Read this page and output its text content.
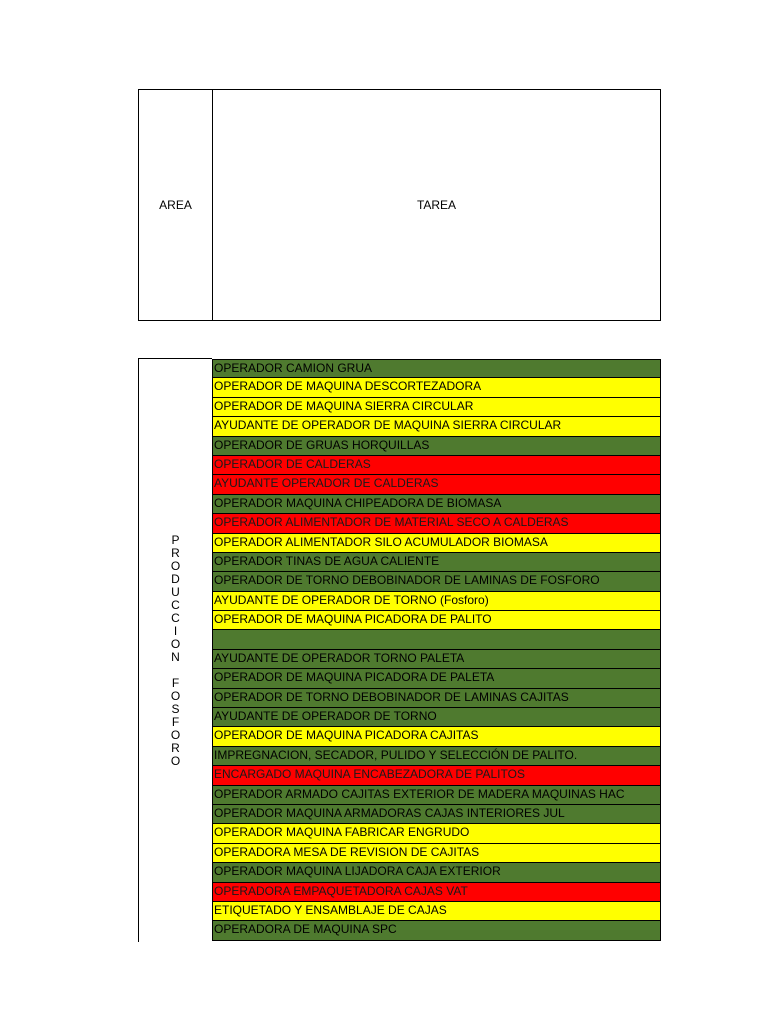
AREA	TAREA
P
R
O
D
U
C
C
I
O
N

F
O
S
F
O
R
O
OPERADOR CAMION GRUA
OPERADOR DE MAQUINA DESCORTEZADORA
OPERADOR DE MAQUINA SIERRA CIRCULAR
AYUDANTE DE OPERADOR DE MAQUINA SIERRA CIRCULAR
OPERADOR DE GRUAS HORQUILLAS
OPERADOR DE CALDERAS
AYUDANTE OPERADOR DE CALDERAS
OPERADOR MAQUINA CHIPEADORA DE BIOMASA
OPERADOR ALIMENTADOR DE MATERIAL SECO A CALDERAS
OPERADOR ALIMENTADOR SILO ACUMULADOR BIOMASA
OPERADOR TINAS DE AGUA CALIENTE
OPERADOR DE TORNO DEBOBINADOR DE LAMINAS DE FOSFORO
AYUDANTE DE OPERADOR DE TORNO (Fosforo)
OPERADOR DE MAQUINA PICADORA DE PALITO
AYUDANTE DE OPERADOR TORNO PALETA
OPERADOR DE MAQUINA PICADORA DE PALETA
OPERADOR DE TORNO DEBOBINADOR DE LAMINAS CAJITAS
AYUDANTE DE OPERADOR DE TORNO
OPERADOR DE MAQUINA PICADORA CAJITAS
IMPREGNACION, SECADOR, PULIDO Y SELECCIÓN DE PALITO.
ENCARGADO MAQUINA ENCABEZADORA DE PALITOS
OPERADOR ARMADO CAJITAS EXTERIOR DE MADERA MAQUINAS HAC
OPERADOR MAQUINA ARMADORAS CAJAS INTERIORES JUL
OPERADOR MAQUINA FABRICAR ENGRUDO
OPERADORA MESA DE REVISION DE CAJITAS
OPERADOR MAQUINA LIJADORA CAJA EXTERIOR
OPERADORA EMPAQUETADORA CAJAS VAT
ETIQUETADO Y ENSAMBLAJE DE CAJAS
OPERADORA DE MAQUINA SPC
